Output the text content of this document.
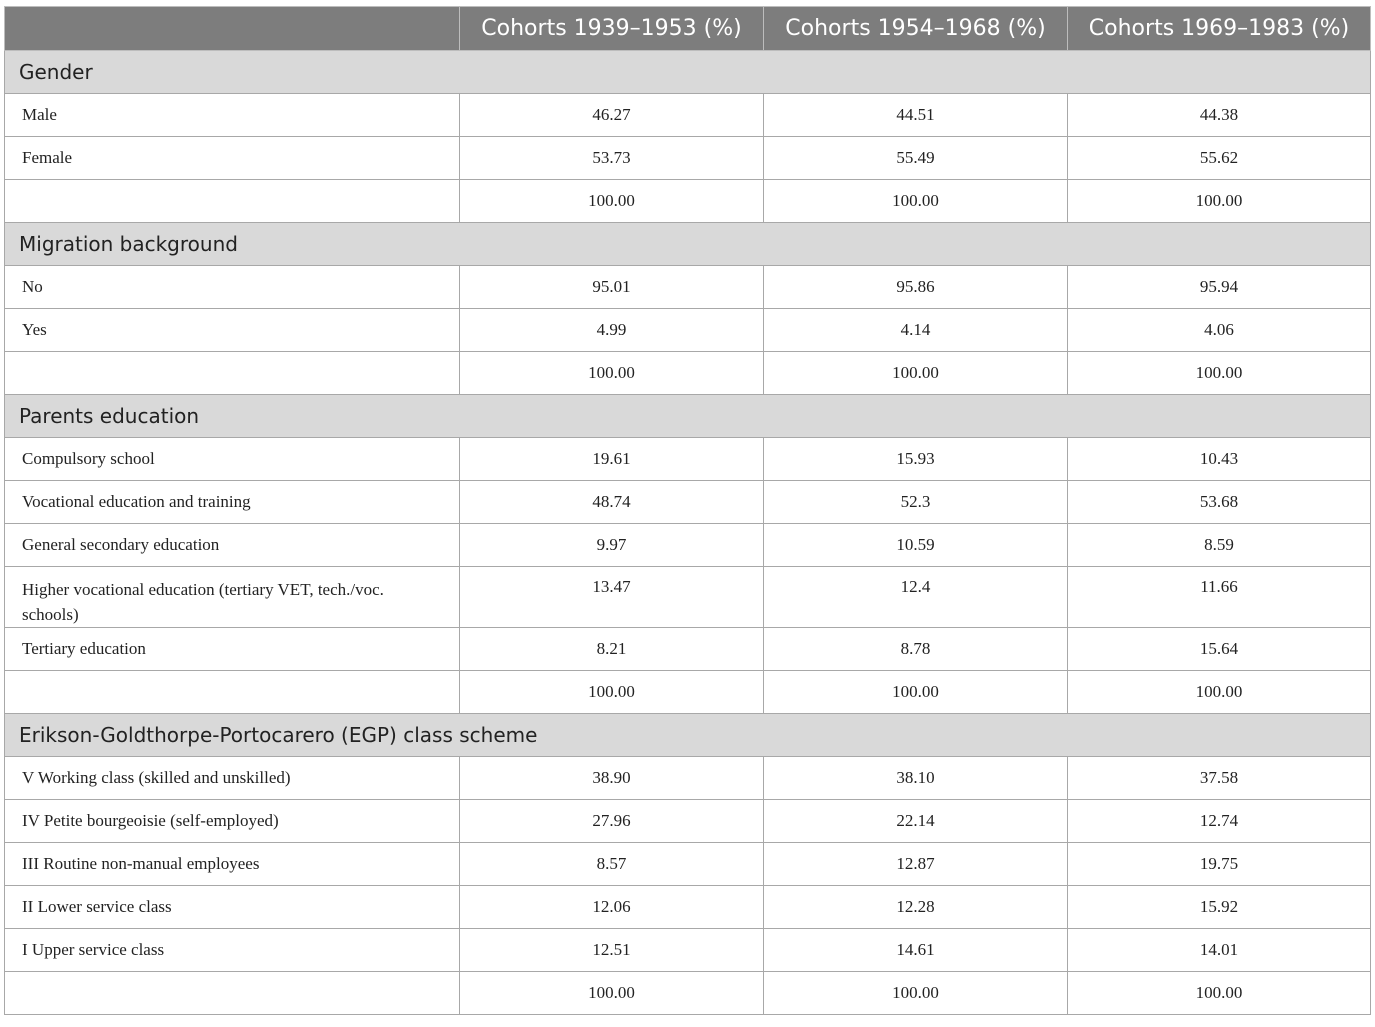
	Cohorts 1939–1953 (%)	Cohorts 1954–1968 (%)	Cohorts 1969–1983 (%)
Gender			
Male	46.27	44.51	44.38
Female	53.73	55.49	55.62
	100.00	100.00	100.00
Migration background			
No	95.01	95.86	95.94
Yes	4.99	4.14	4.06
	100.00	100.00	100.00
Parents education			
Compulsory school	19.61	15.93	10.43
Vocational education and training	48.74	52.3	53.68
General secondary education	9.97	10.59	8.59
Higher vocational education (tertiary VET, tech./voc. schools)	13.47	12.4	11.66
Tertiary education	8.21	8.78	15.64
	100.00	100.00	100.00
Erikson-Goldthorpe-Portocarero (EGP) class scheme			
V Working class (skilled and unskilled)	38.90	38.10	37.58
IV Petite bourgeoisie (self-employed)	27.96	22.14	12.74
III Routine non-manual employees	8.57	12.87	19.75
II Lower service class	12.06	12.28	15.92
I Upper service class	12.51	14.61	14.01
	100.00	100.00	100.00
